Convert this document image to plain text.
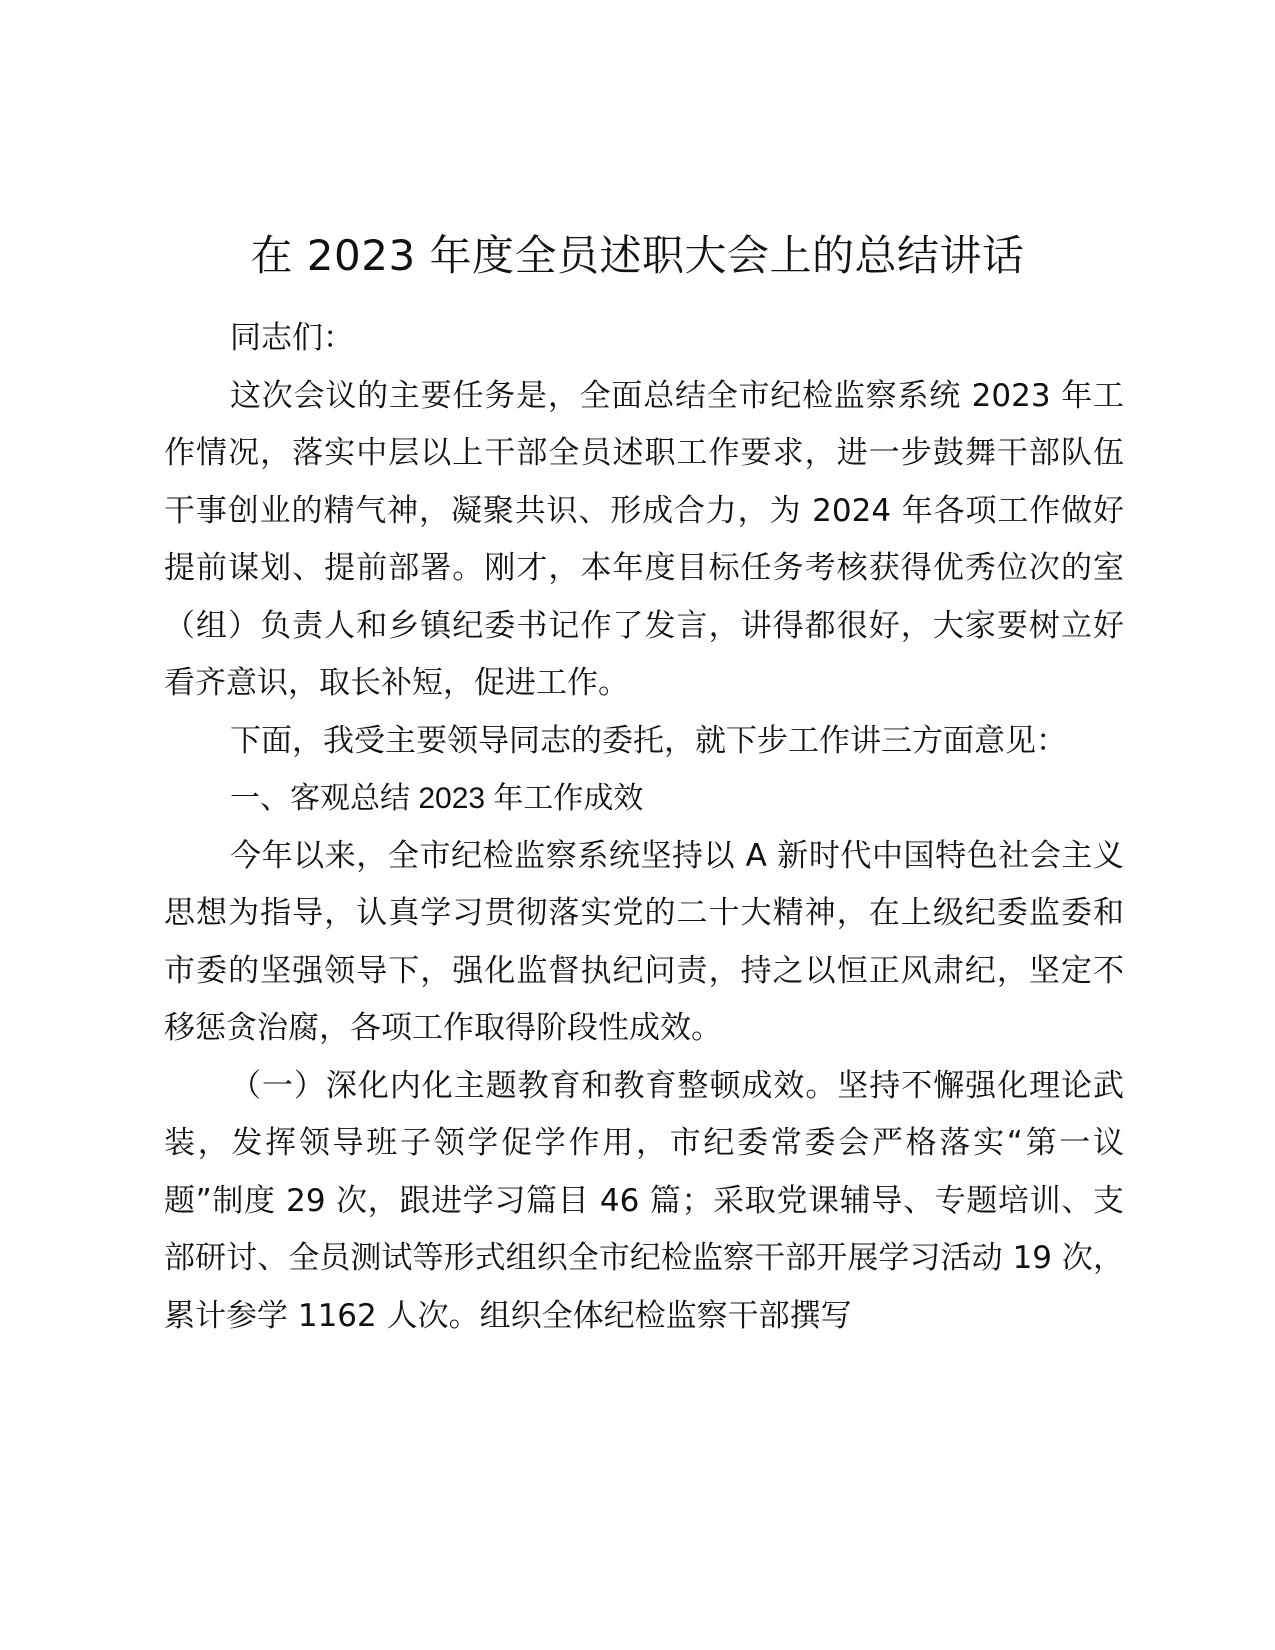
在 2023 年度全员述职大会上的总结讲话

同志们：

这次会议的主要任务是，全面总结全市纪检监察系统 2023 年工作情况，落实中层以上干部全员述职工作要求，进一步鼓舞干部队伍干事创业的精气神，凝聚共识、形成合力，为 2024 年各项工作做好提前谋划、提前部署。刚才，本年度目标任务考核获得优秀位次的室（组）负责人和乡镇纪委书记作了发言，讲得都很好，大家要树立好看齐意识，取长补短，促进工作。

下面，我受主要领导同志的委托，就下步工作讲三方面意见：

一、客观总结 2023 年工作成效

今年以来，全市纪检监察系统坚持以 A 新时代中国特色社会主义思想为指导，认真学习贯彻落实党的二十大精神，在上级纪委监委和市委的坚强领导下，强化监督执纪问责，持之以恒正风肃纪，坚定不移惩贪治腐，各项工作取得阶段性成效。

（一）深化内化主题教育和教育整顿成效。坚持不懈强化理论武装，发挥领导班子领学促学作用，市纪委常委会严格落实“第一议题”制度 29 次，跟进学习篇目 46 篇；采取党课辅导、专题培训、支部研讨、全员测试等形式组织全市纪检监察干部开展学习活动 19 次，累计参学 1162 人次。组织全体纪检监察干部撰写
